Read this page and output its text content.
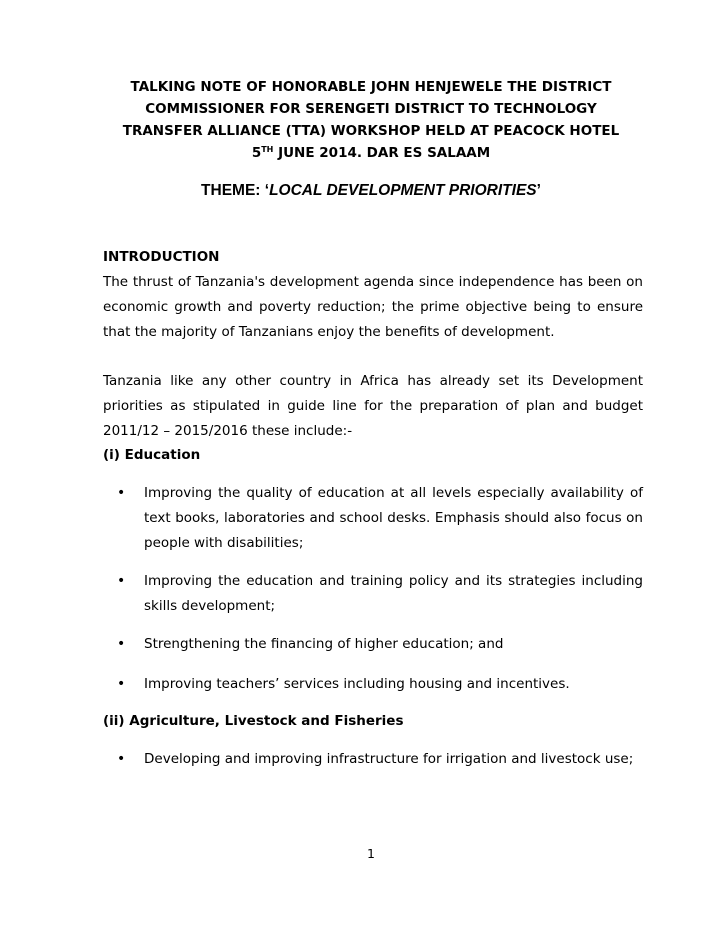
TALKING NOTE OF HONORABLE JOHN HENJEWELE THE DISTRICT
COMMISSIONER FOR SERENGETI DISTRICT TO TECHNOLOGY
TRANSFER ALLIANCE (TTA) WORKSHOP HELD AT PEACOCK HOTEL
5TH JUNE 2014. DAR ES SALAAM
THEME: ‘LOCAL DEVELOPMENT PRIORITIES’
INTRODUCTION
The thrust of Tanzania's development agenda since independence has been on economic growth and poverty reduction; the prime objective being to ensure that the majority of Tanzanians enjoy the benefits of development.
Tanzania like any other country in Africa has already set its Development priorities as stipulated in guide line for the preparation of plan and budget 2011/12 – 2015/2016 these include:-
(i) Education
•	Improving the quality of education at all levels especially availability of text books, laboratories and school desks. Emphasis should also focus on people with disabilities;
•	Improving the education and training policy and its strategies including skills development;
•	Strengthening the financing of higher education; and
•	Improving teachers’ services including housing and incentives.
(ii) Agriculture, Livestock and Fisheries
•	Developing and improving infrastructure for irrigation and livestock use;
1
